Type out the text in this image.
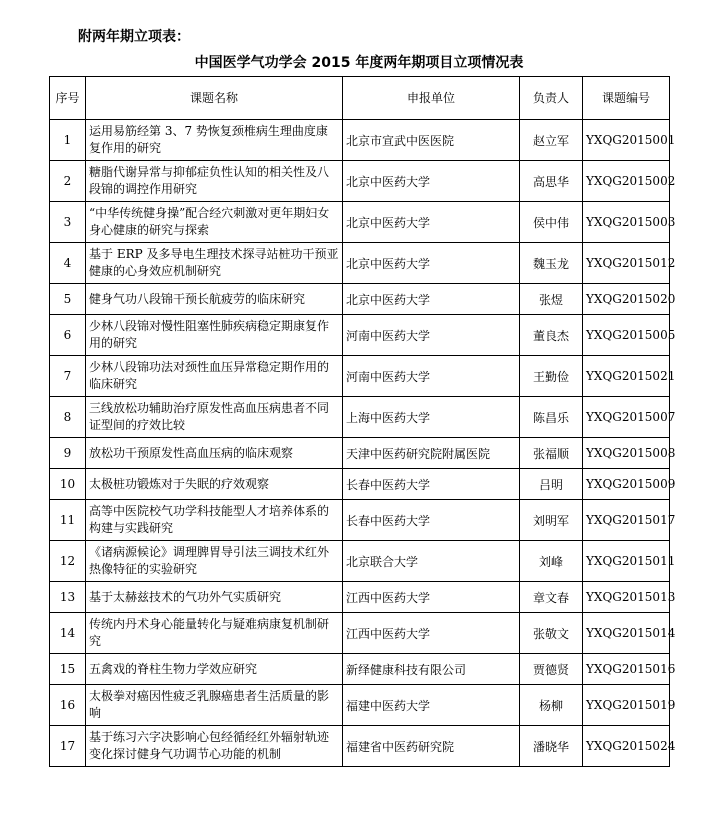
附两年期立项表：
中国医学气功学会 2015 年度两年期项目立项情况表
序号	课题名称	申报单位	负责人	课题编号
1	运用易筋经第 3、7 势恢复颈椎病生理曲度康复作用的研究	北京市宣武中医医院	赵立军	YXQG2015001
2	糖脂代谢异常与抑郁症负性认知的相关性及八段锦的调控作用研究	北京中医药大学	高思华	YXQG2015002
3	“中华传统健身操”配合经穴刺激对更年期妇女身心健康的研究与探索	北京中医药大学	侯中伟	YXQG2015003
4	基于 ERP 及多导电生理技术探寻站桩功干预亚健康的心身效应机制研究	北京中医药大学	魏玉龙	YXQG2015012
5	健身气功八段锦干预长航疲劳的临床研究	北京中医药大学	张煜	YXQG2015020
6	少林八段锦对慢性阻塞性肺疾病稳定期康复作用的研究	河南中医药大学	董良杰	YXQG2015005
7	少林八段锦功法对颈性血压异常稳定期作用的临床研究	河南中医药大学	王勤俭	YXQG2015021
8	三线放松功辅助治疗原发性高血压病患者不同证型间的疗效比较	上海中医药大学	陈昌乐	YXQG2015007
9	放松功干预原发性高血压病的临床观察	天津中医药研究院附属医院	张福顺	YXQG2015008
10	太极桩功锻炼对于失眠的疗效观察	长春中医药大学	吕明	YXQG2015009
11	高等中医院校气功学科技能型人才培养体系的构建与实践研究	长春中医药大学	刘明军	YXQG2015017
12	《诸病源候论》调理脾胃导引法三调技术红外热像特征的实验研究	北京联合大学	刘峰	YXQG2015011
13	基于太赫兹技术的气功外气实质研究	江西中医药大学	章文春	YXQG2015013
14	传统内丹术身心能量转化与疑难病康复机制研究	江西中医药大学	张敬文	YXQG2015014
15	五禽戏的脊柱生物力学效应研究	新绎健康科技有限公司	贾德贤	YXQG2015016
16	太极拳对癌因性疲乏乳腺癌患者生活质量的影响	福建中医药大学	杨柳	YXQG2015019
17	基于练习六字决影响心包经循经红外辐射轨迹变化探讨健身气功调节心功能的机制	福建省中医药研究院	潘晓华	YXQG2015024
